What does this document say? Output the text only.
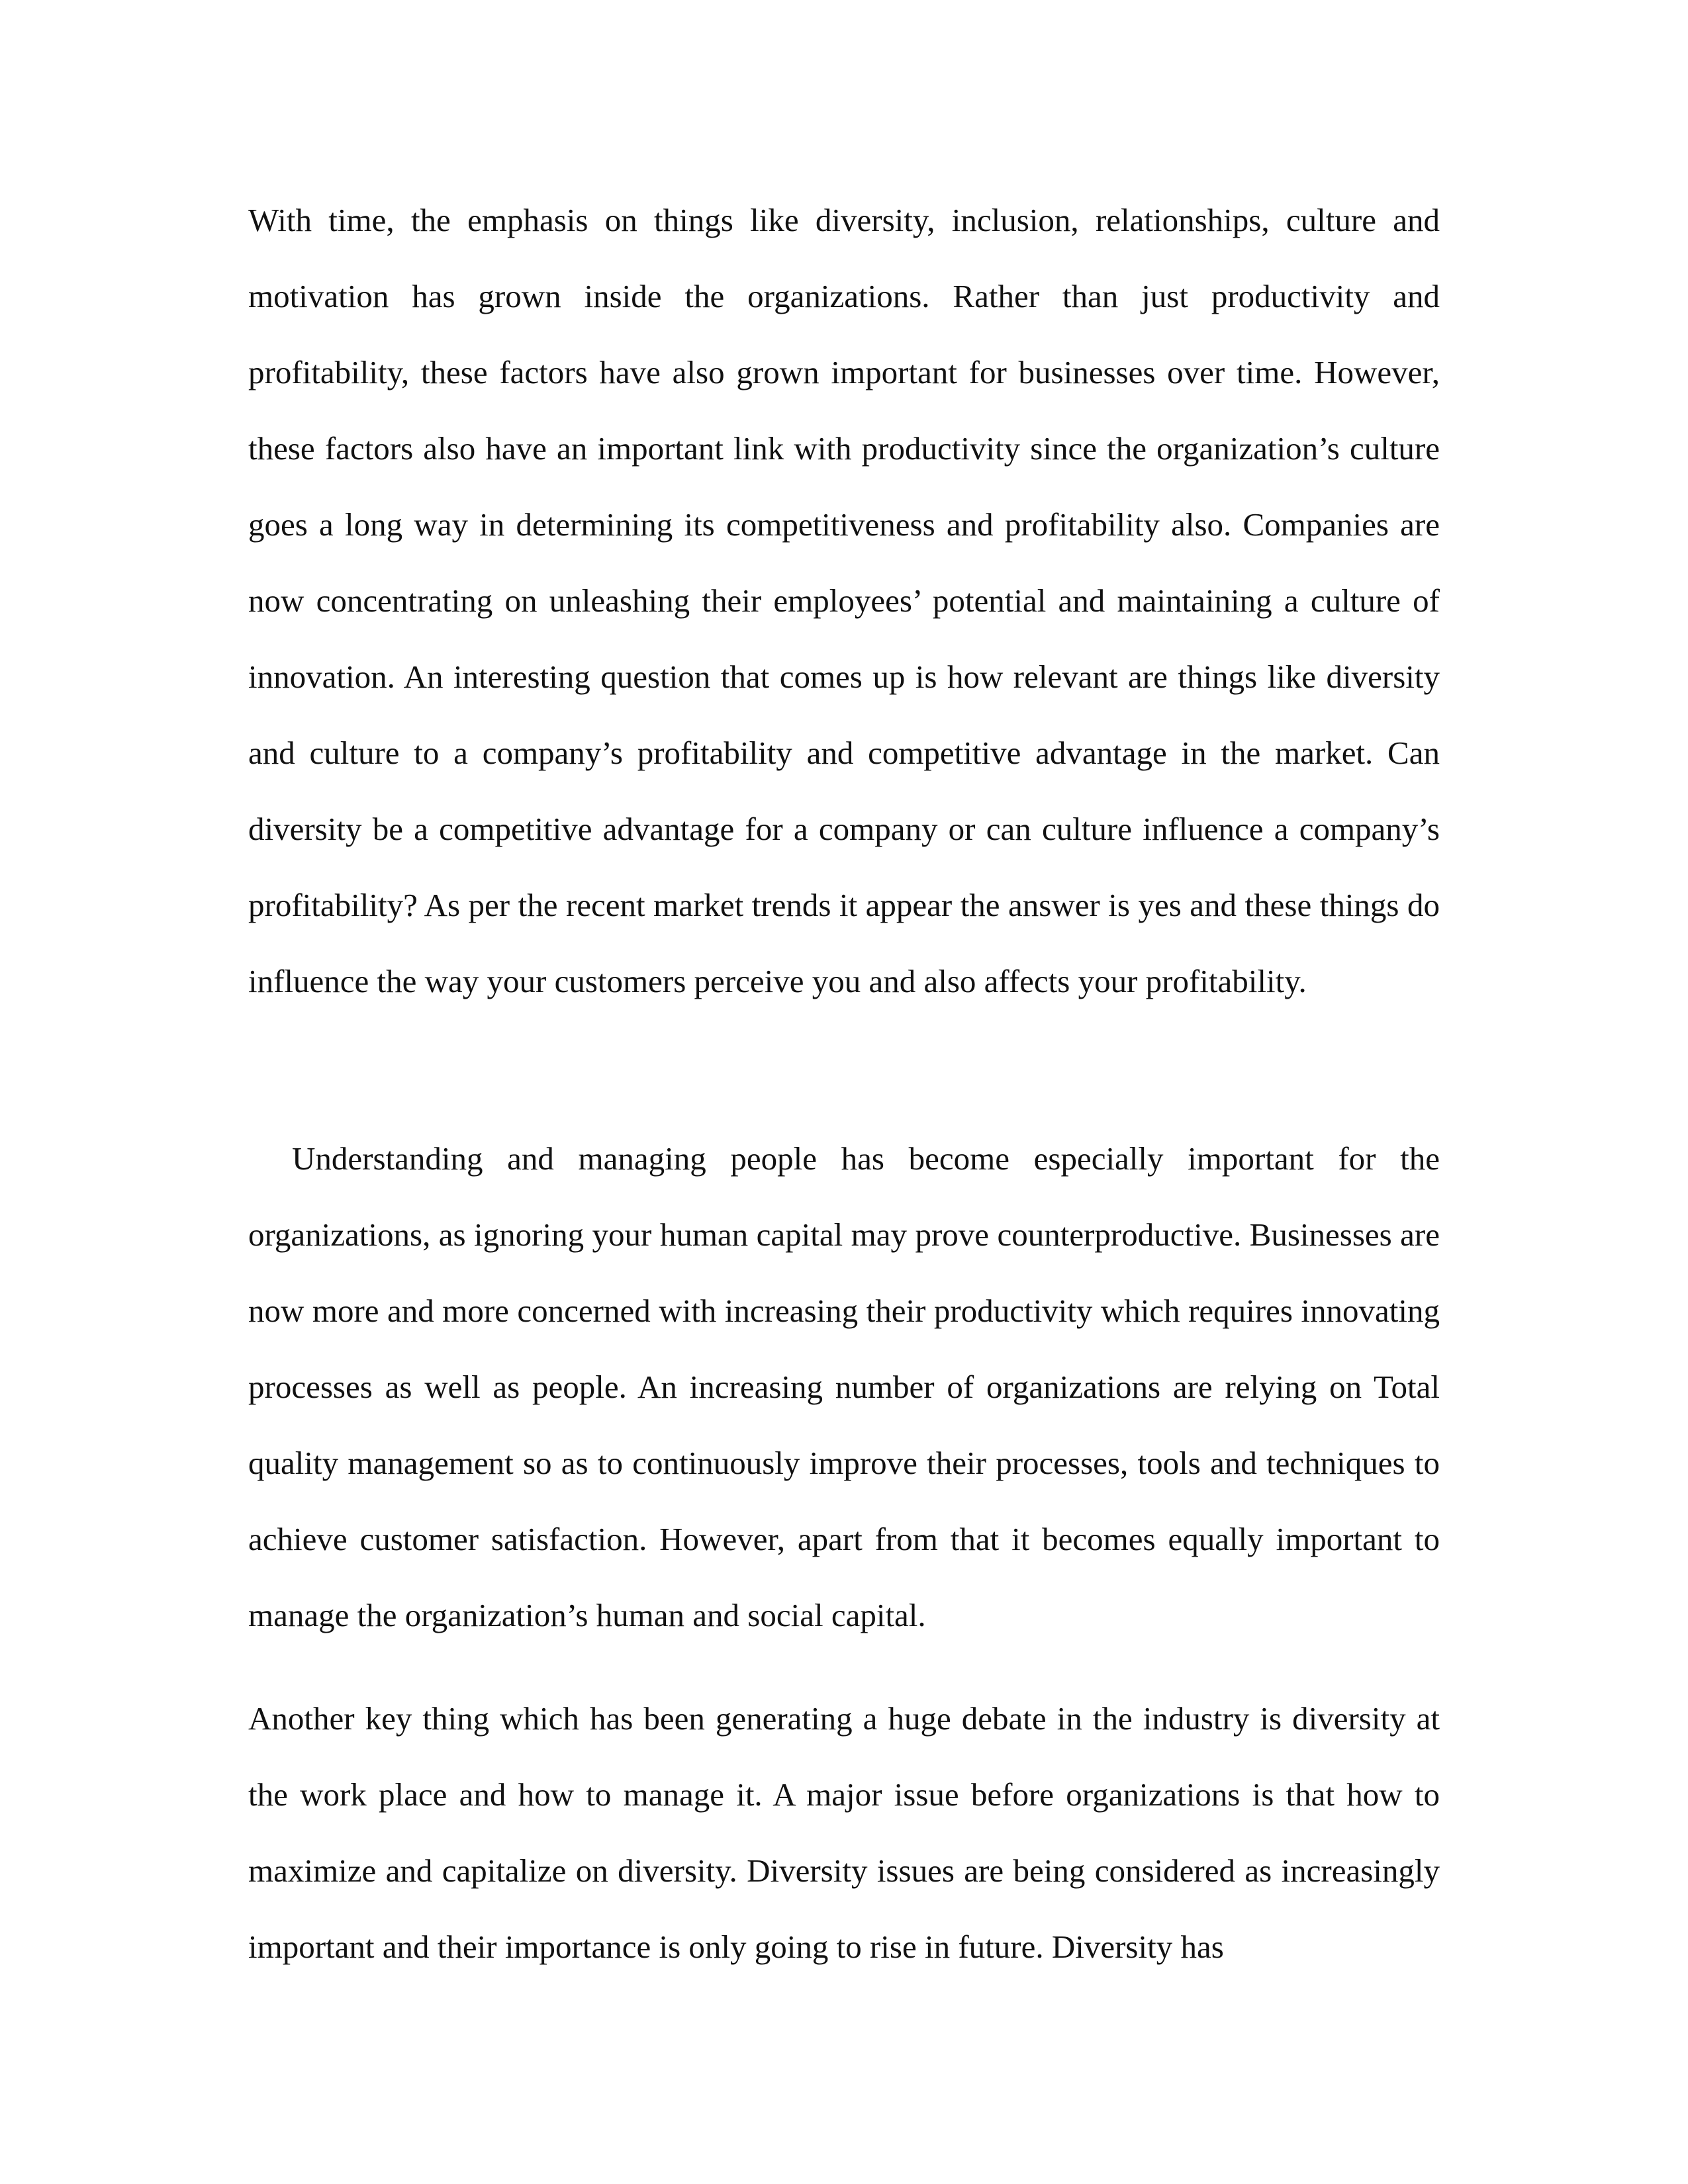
With time, the emphasis on things like diversity, inclusion, relationships, culture and motivation has grown inside the organizations. Rather than just productivity and profitability, these factors have also grown important for businesses over time. However, these factors also have an important link with productivity since the organization’s culture goes a long way in determining its competitiveness and profitability also. Companies are now concentrating on unleashing their employees’ potential and maintaining a culture of innovation. An interesting question that comes up is how relevant are things like diversity and culture to a company’s profitability and competitive advantage in the market. Can diversity be a competitive advantage for a company or can culture influence a company’s profitability? As per the recent market trends it appear the answer is yes and these things do influence the way your customers perceive you and also affects your profitability.

Understanding and managing people has become especially important for the organizations, as ignoring your human capital may prove counterproductive. Businesses are now more and more concerned with increasing their productivity which requires innovating processes as well as people. An increasing number of organizations are relying on Total quality management so as to continuously improve their processes, tools and techniques to achieve customer satisfaction. However, apart from that it becomes equally important to manage the organization’s human and social capital.

Another key thing which has been generating a huge debate in the industry is diversity at the work place and how to manage it. A major issue before organizations is that how to maximize and capitalize on diversity. Diversity issues are being considered as increasingly important and their importance is only going to rise in future. Diversity has
